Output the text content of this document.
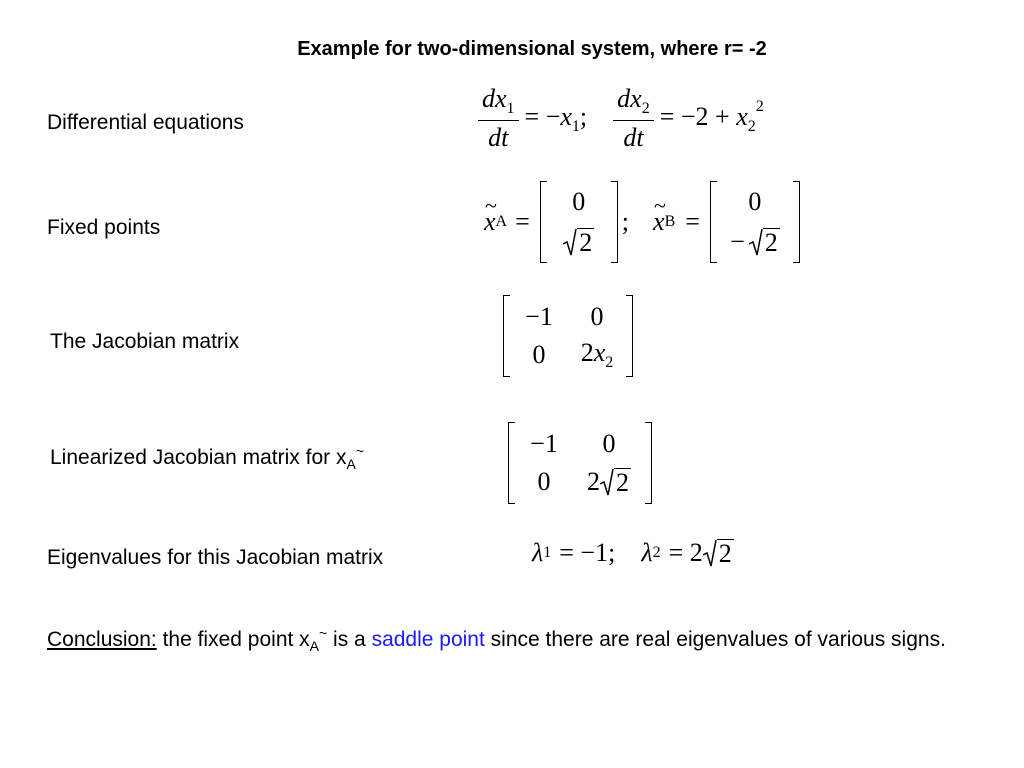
Example for two-dimensional system, where r= -2
Differential equations	$\frac{dx_1}{dt} = -x_1$; $\frac{dx_2}{dt} = -2 + x_2^2$
Fixed points	~ x A =
0
2
; ~ x B =
0
− 2
The Jacobian matrix
−1 0
0 $2x_2$
Linearized Jacobian matrix for $x_A^\sim$	−1 0
0 2 2
Eigenvalues for this Jacobian matrix	λ 1 = −1; λ 2 = 2 2
Conclusion: the fixed point $x_A^\sim$ is a saddle point since there are real eigenvalues of various signs.
